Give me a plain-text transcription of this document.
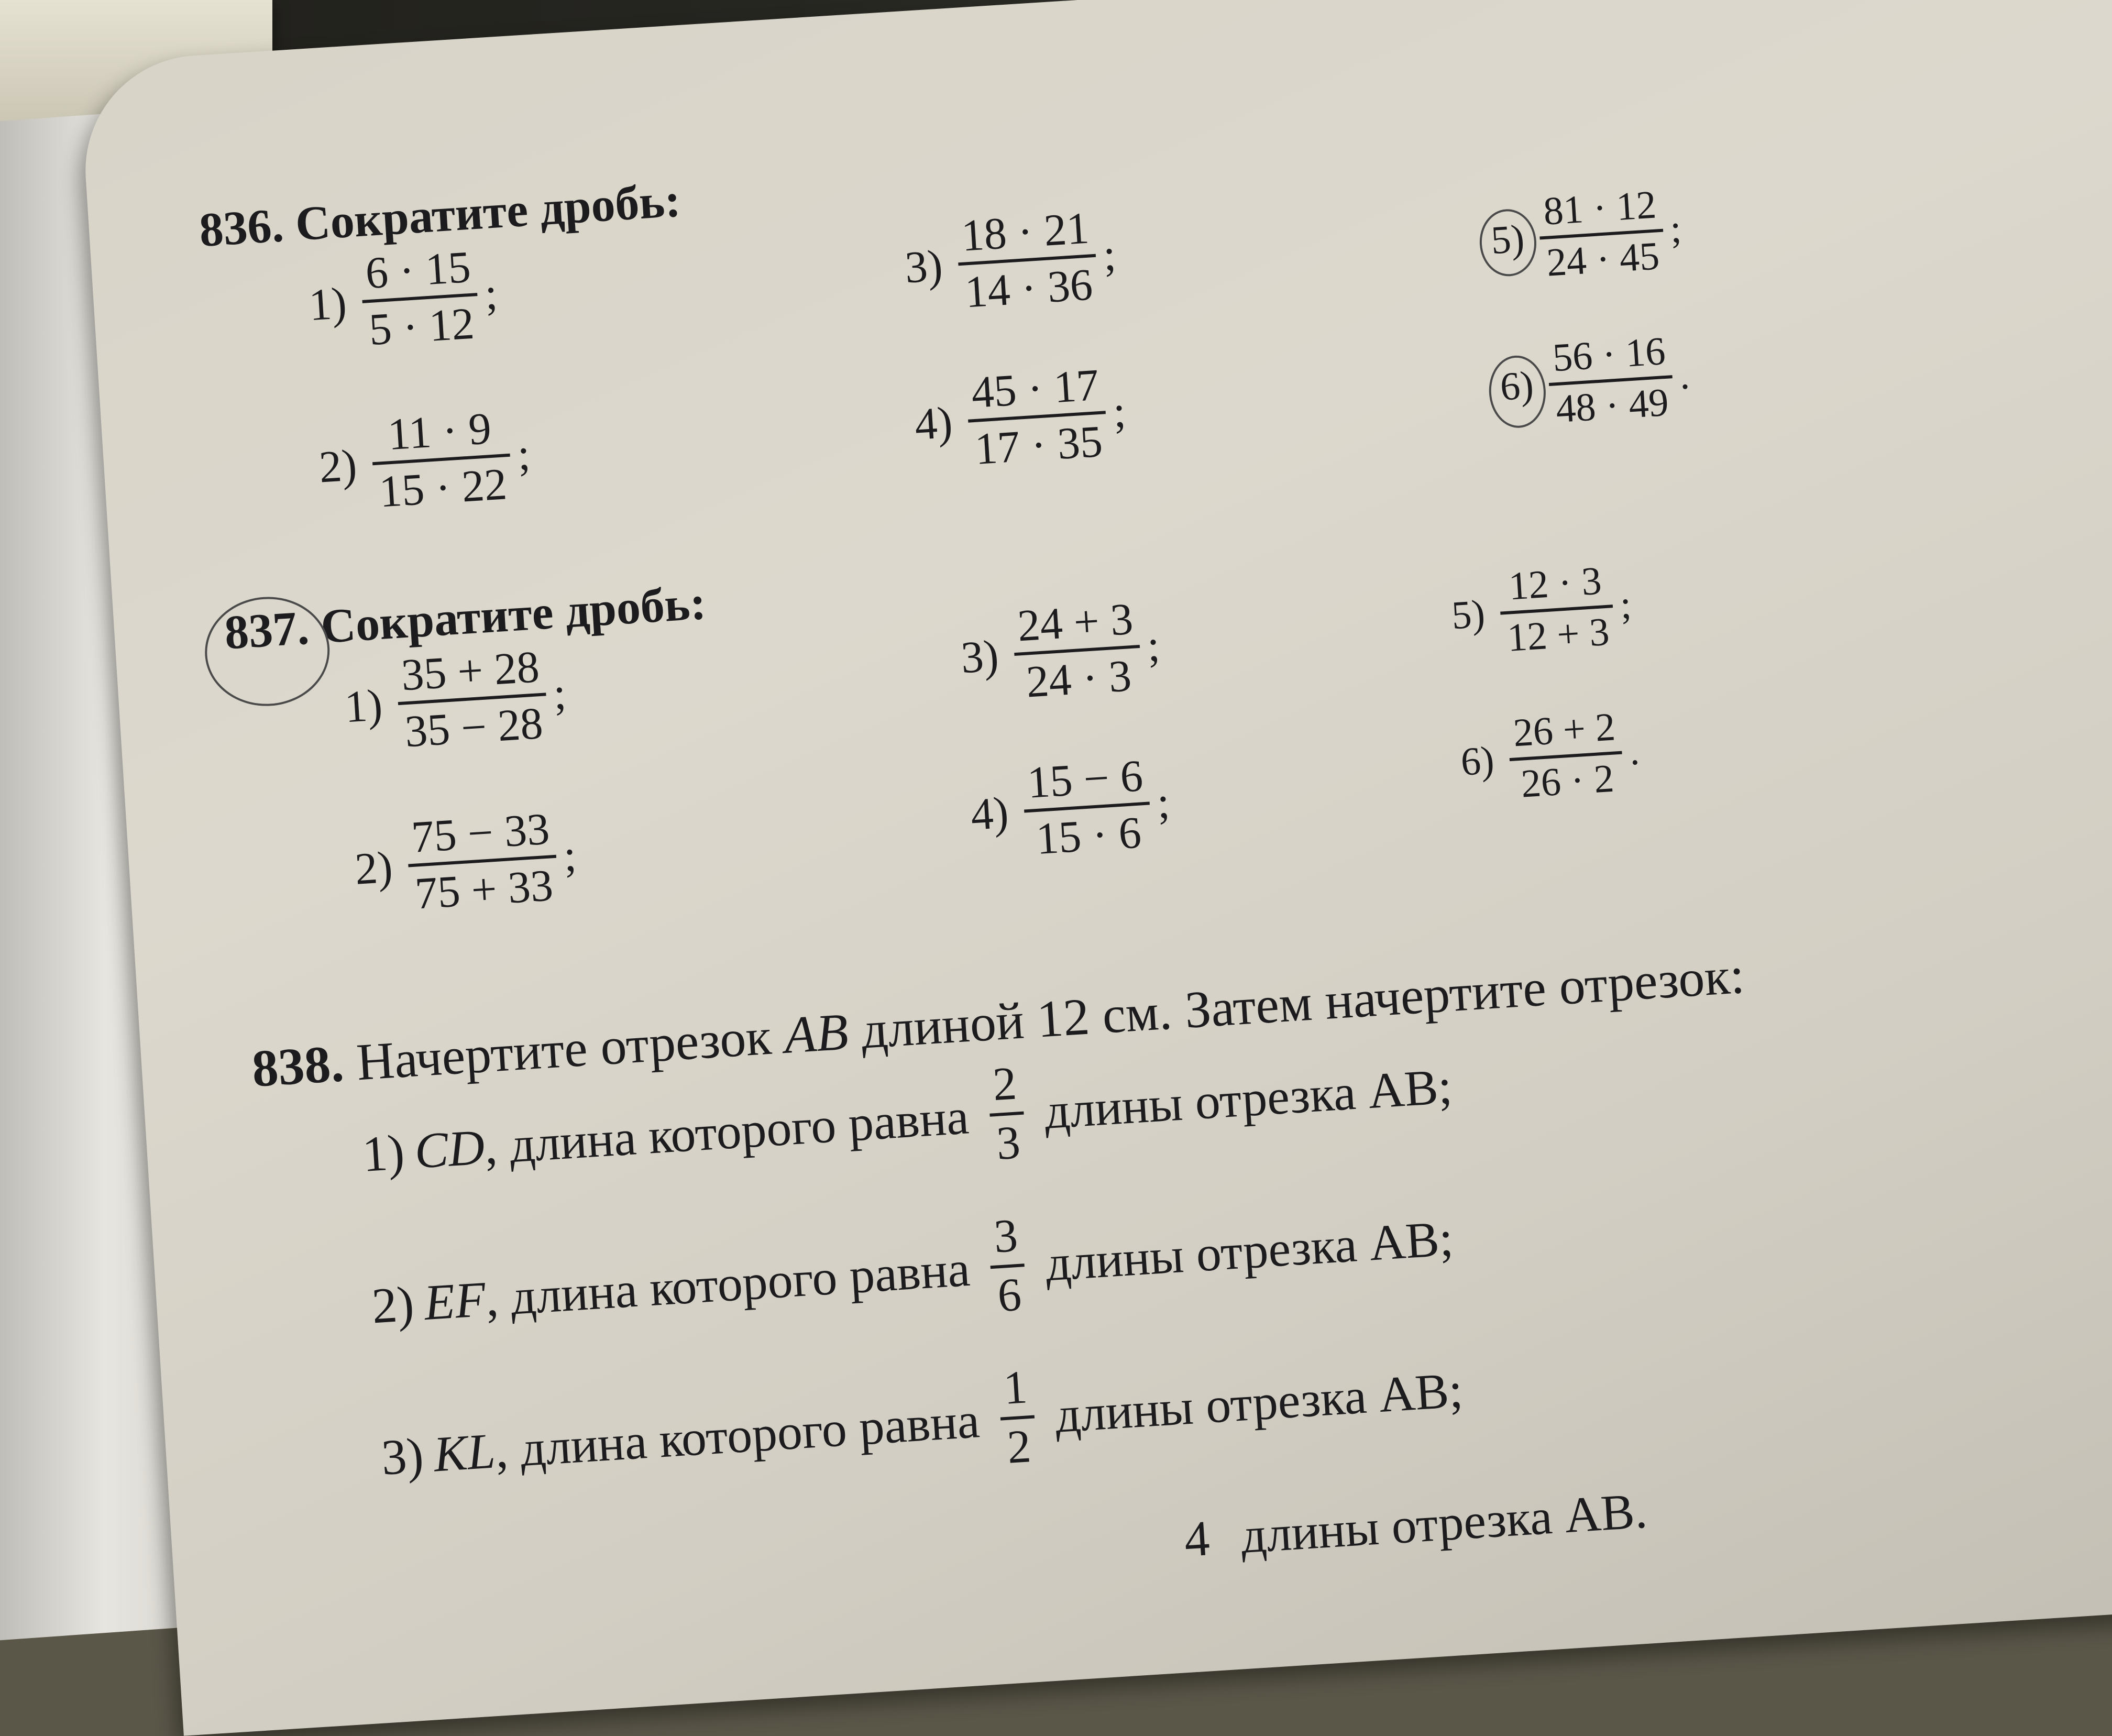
836. Сократите дробь:
1)
6 · 15
5 · 12
;
2)
11 · 9
15 · 22
;
3)
18 · 21
14 · 36
;
4)
45 · 17
17 · 35
;
5)
81 · 12
24 · 45
;
6)
56 · 16
48 · 49
.
837. Сократите дробь:
1)
35 + 28
35 − 28
;
2)
75 − 33
75 + 33
;
3)
24 + 3
24 · 3
;
4)
15 − 6
15 · 6
;
5)
12 · 3
12 + 3
;
6)
26 + 2
26 · 2
.
838. Начертите отрезок AB длиной 12 см. Затем начертите отрезок:
1) CD
, длина которого равна
2
3
длины отрезка AB;
2) EF
, длина которого равна
3
6
длины отрезка AB;
3) KL
, длина которого равна
1
2
длины отрезка AB;
4 длины отрезка AB.
